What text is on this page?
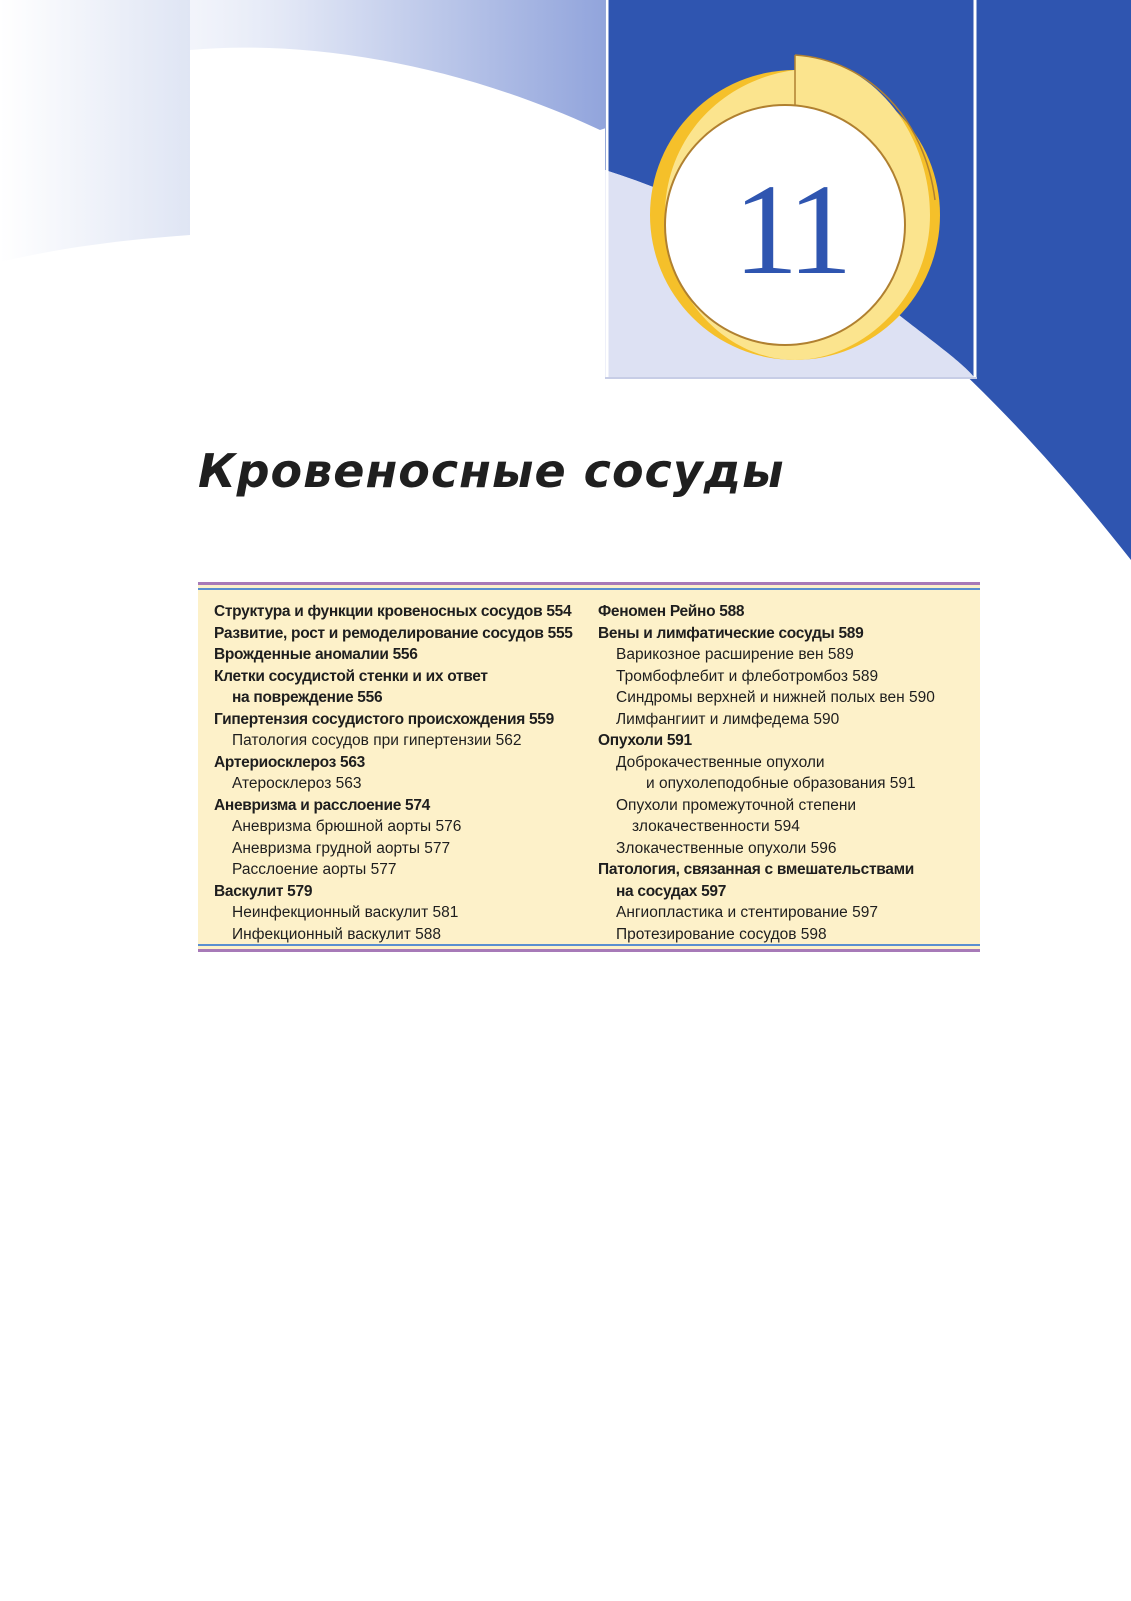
11
Кровеносные сосуды
Структура и функции кровеносных сосудов 554
Развитие, рост и ремоделирование сосудов 555
Врожденные аномалии 556
Клетки сосудистой стенки и их ответ
на повреждение 556
Гипертензия сосудистого происхождения 559
Патология сосудов при гипертензии 562
Артериосклероз 563
Атеросклероз 563
Аневризма и расслоение 574
Аневризма брюшной аорты 576
Аневризма грудной аорты 577
Расслоение аорты 577
Васкулит 579
Неинфекционный васкулит 581
Инфекционный васкулит 588
Феномен Рейно 588
Вены и лимфатические сосуды 589
Варикозное расширение вен 589
Тромбофлебит и флеботромбоз 589
Синдромы верхней и нижней полых вен 590
Лимфангиит и лимфедема 590
Опухоли 591
Доброкачественные опухоли
и опухолеподобные образования 591
Опухоли промежуточной степени
злокачественности 594
Злокачественные опухоли 596
Патология, связанная с вмешательствами
на сосудах 597
Ангиопластика и стентирование 597
Протезирование сосудов 598
